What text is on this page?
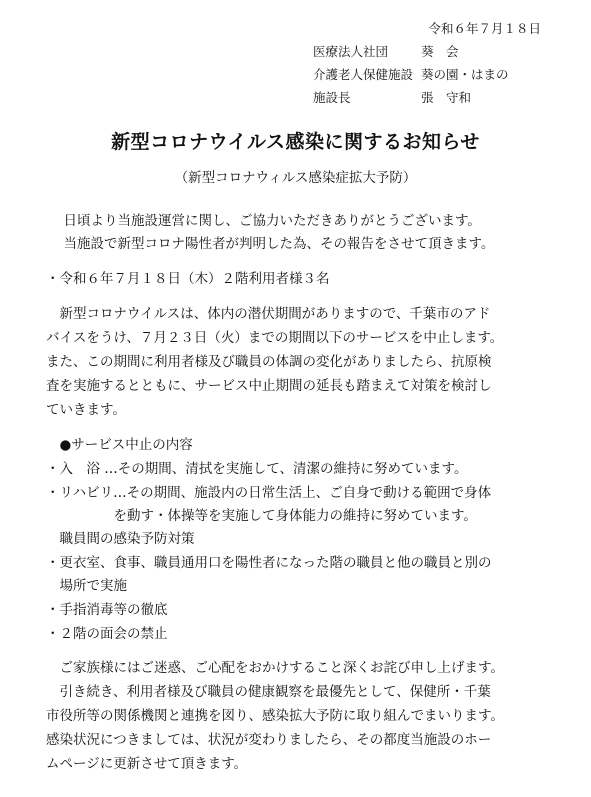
令和６年７月１８日
医療法人社団	葵　会
介護老人保健施設 葵の園・はまの
施設長	張　守和
新型コロナウイルス感染に関するお知らせ
（新型コロナウィルス感染症拡大予防）
　日頃より当施設運営に関し、ご協力いただきありがとうございます。
　当施設で新型コロナ陽性者が判明した為、その報告をさせて頂きます。
・令和６年７月１８日（木）２階利用者様３名
　新型コロナウイルスは、体内の潜伏期間がありますので、千葉市のアド
バイスをうけ、７月２３日（火）までの期間以下のサービスを中止します。
また、この期間に利用者様及び職員の体調の変化がありましたら、抗原検
査を実施するとともに、サービス中止期間の延長も踏まえて対策を検討し
ていきます。
　●サービス中止の内容
・入　浴 …その期間、清拭を実施して、清潔の維持に努めています。
・リハビリ…その期間、施設内の日常生活上、ご自身で動ける範囲で身体
　　　　　を動す・体操等を実施して身体能力の維持に努めています。
　職員間の感染予防対策
・更衣室、食事、職員通用口を陽性者になった階の職員と他の職員と別の
　場所で実施
・手指消毒等の徹底
・２階の面会の禁止
　ご家族様にはご迷惑、ご心配をおかけすること深くお詫び申し上げます。
　引き続き、利用者様及び職員の健康観察を最優先として、保健所・千葉
市役所等の関係機関と連携を図り、感染拡大予防に取り組んでまいります。
感染状況につきましては、状況が変わりましたら、その都度当施設のホー
ムページに更新させて頂きます。
